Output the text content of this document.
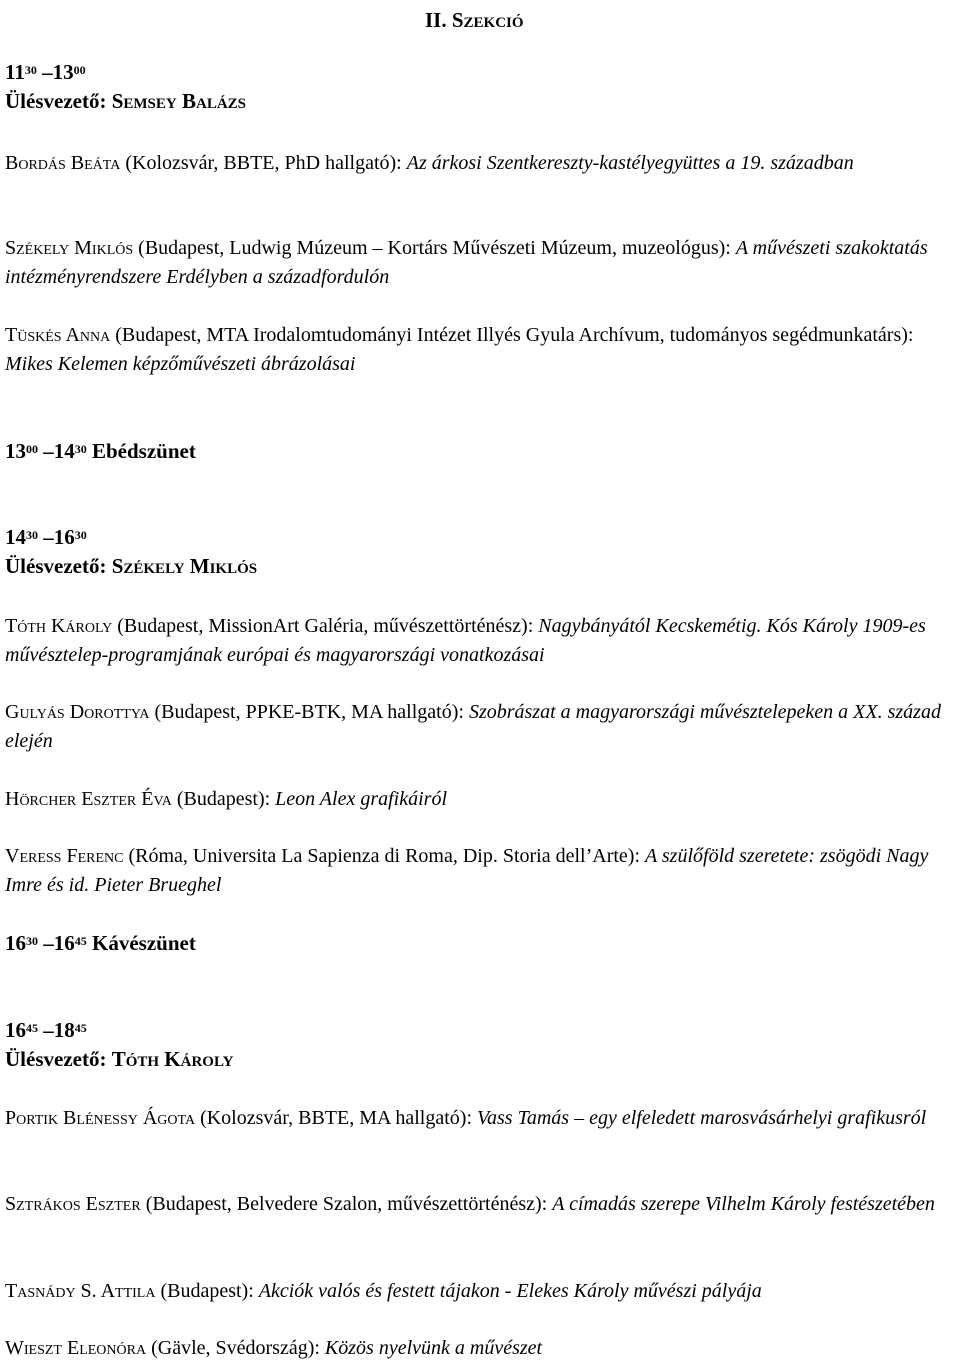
II. Szekció
$11^{30}$ $-13^{00}$
Ülésvezető: Semsey Balázs
Bordás Beáta (Kolozsvár, BBTE, PhD hallgató): Az árkosi Szentkereszty-kastélyegyüttes a 19. században
Székely Miklós (Budapest, Ludwig Múzeum – Kortárs Művészeti Múzeum, muzeológus): A művészeti szakoktatás intézményrendszere Erdélyben a századfordulón
Tüskés Anna (Budapest, MTA Irodalomtudományi Intézet Illyés Gyula Archívum, tudományos segédmunkatárs): Mikes Kelemen képzőművészeti ábrázolásai
$13^{00}$ $-14^{30}$ Ebédszünet
$14^{30}$ $-16^{30}$
Ülésvezető: Székely Miklós
Tóth Károly (Budapest, MissionArt Galéria, művészettörténész): Nagybányától Kecskemétig. Kós Károly 1909-es művésztelep-programjának európai és magyarországi vonatkozásai
Gulyás Dorottya (Budapest, PPKE-BTK, MA hallgató): Szobrászat a magyarországi művésztelepeken a XX. század elején
Hörcher Eszter Éva (Budapest): Leon Alex grafikáiról
Veress Ferenc (Róma, Universita La Sapienza di Roma, Dip. Storia dell’Arte): A szülőföld szeretete: zsögödi Nagy Imre és id. Pieter Brueghel
$16^{30}$ $-16^{45}$ Kávészünet
$16^{45}$ $-18^{45}$
Ülésvezető: Tóth Károly
Portik Blénessy Ágota (Kolozsvár, BBTE, MA hallgató): Vass Tamás – egy elfeledett marosvásárhelyi grafikusról
Sztrákos Eszter (Budapest, Belvedere Szalon, művészettörténész): A címadás szerepe Vilhelm Károly festészetében
Tasnády S. Attila (Budapest): Akciók valós és festett tájakon - Elekes Károly művészi pályája
Wieszt Eleonóra (Gävle, Svédország): Közös nyelvünk a művészet
